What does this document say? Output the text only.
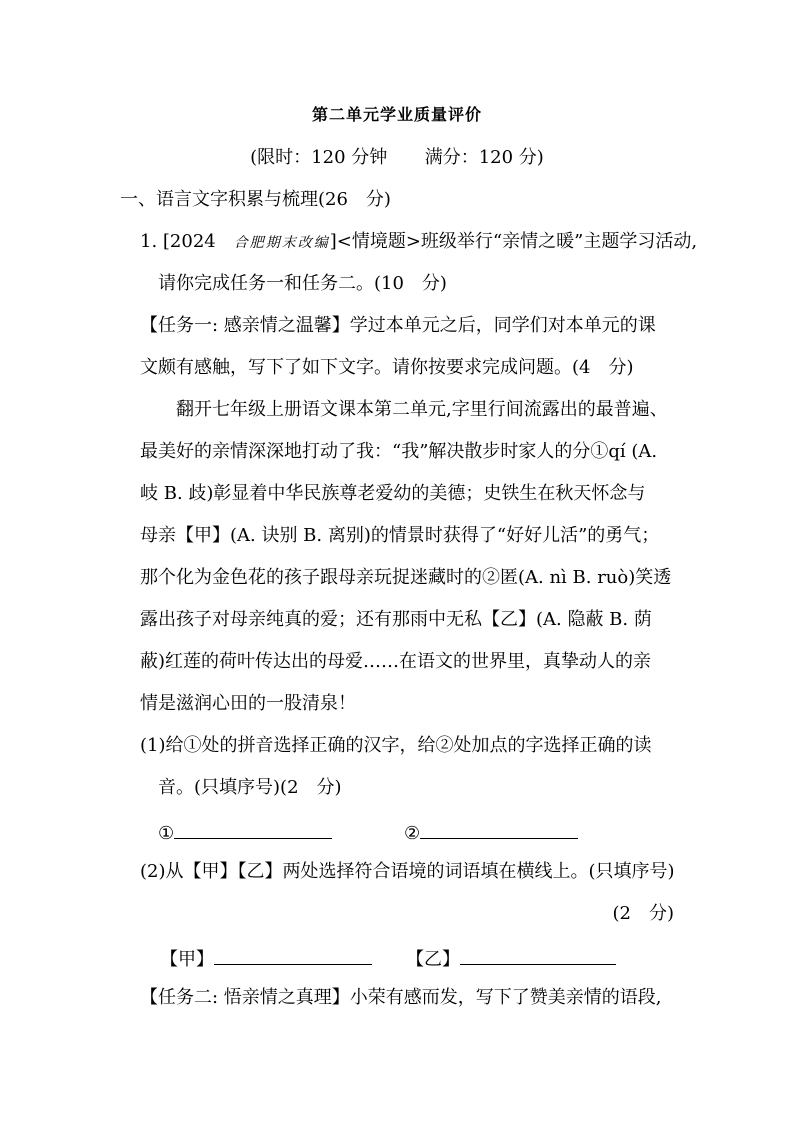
第二单元学业质量评价
(限时：120 分钟 满分：120 分)
一、语言文字积累与梳理(26　分)
1. [2024　合肥期末改编]<情境题>班级举行“亲情之暖”主题学习活动,
请你完成任务一和任务二。(10　分)
【任务一: 感亲情之温馨】学过本单元之后，同学们对本单元的课
文颇有感触，写下了如下文字。请你按要求完成问题。(4　分)
翻开七年级上册语文课本第二单元,字里行间流露出的最普遍、
最美好的亲情深深地打动了我：“我”解决散步时家人的分①qí (A.
岐 B. 歧)彰显着中华民族尊老爱幼的美德；史铁生在秋天怀念与
母亲【甲】(A. 诀别 B. 离别)的情景时获得了“好好儿活”的勇气；
那个化为金色花的孩子跟母亲玩捉迷藏时的②匿(A. nì B. ruò)笑透
露出孩子对母亲纯真的爱；还有那雨中无私【乙】(A. 隐蔽 B. 荫
蔽)红莲的荷叶传达出的母爱……在语文的世界里，真挚动人的亲
情是滋润心田的一股清泉！
(1)给①处的拼音选择正确的汉字，给②处加点的字选择正确的读
音。(只填序号)(2　分)
①	②
(2)从【甲】【乙】两处选择符合语境的词语填在横线上。(只填序号)
(2　分)
【甲】	【乙】
【任务二: 悟亲情之真理】小荣有感而发，写下了赞美亲情的语段,
